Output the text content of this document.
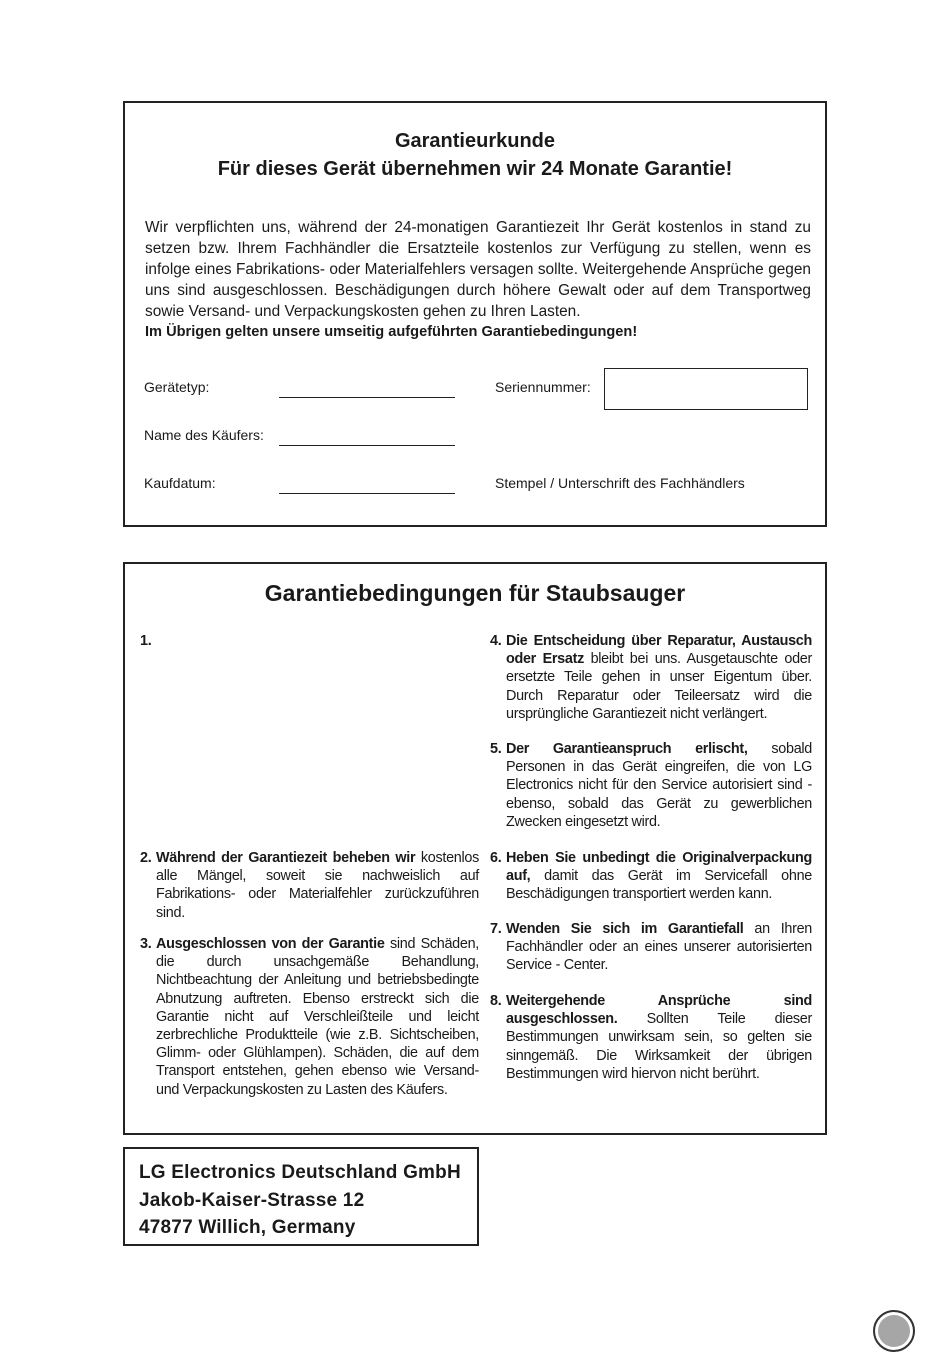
Garantieurkunde
Für dieses Gerät übernehmen wir 24 Monate Garantie!

Wir verpflichten uns, während der 24-monatigen Garantiezeit Ihr Gerät kostenlos in stand zu setzen bzw. Ihrem Fachhändler die Ersatzteile kostenlos zur Verfügung zu stellen, wenn es infolge eines Fabrikations- oder Materialfehlers versagen sollte. Weitergehende Ansprüche gegen uns sind ausgeschlossen. Beschädigungen durch höhere Gewalt oder auf dem Transportweg sowie Versand- und Verpackungskosten gehen zu Ihren Lasten.

Im Übrigen gelten unsere umseitig aufgeführten Garantiebedingungen!

Gerätetyp:
Name des Käufers:
Kaufdatum:
Seriennummer:
Stempel / Unterschrift des Fachhändlers
Garantiebedingungen für Staubsauger
1.
2. Während der Garantiezeit beheben wir kostenlos alle Mängel, soweit sie nachweislich auf Fabrikations- oder Materialfehler zurückzuführen sind.
3. Ausgeschlossen von der Garantie sind Schäden, die durch unsachgemäße Behandlung, Nichtbeachtung der Anleitung und betriebsbedingte Abnutzung auftreten. Ebenso erstreckt sich die Garantie nicht auf Verschleißteile und leicht zerbrechliche Produktteile (wie z.B. Sichtscheiben, Glimm- oder Glühlampen). Schäden, die auf dem Transport entstehen, gehen ebenso wie Versand- und Verpackungskosten zu Lasten des Käufers.
4. Die Entscheidung über Reparatur, Austausch oder Ersatz bleibt bei uns. Ausgetauschte oder ersetzte Teile gehen in unser Eigentum über. Durch Reparatur oder Teileersatz wird die ursprüngliche Garantiezeit nicht verlängert.
5. Der Garantieanspruch erlischt, sobald Personen in das Gerät eingreifen, die von LG Electronics nicht für den Service autorisiert sind - ebenso, sobald das Gerät zu gewerblichen Zwecken eingesetzt wird.
6. Heben Sie unbedingt die Originalverpackung auf, damit das Gerät im Servicefall ohne Beschädigungen transportiert werden kann.
7. Wenden Sie sich im Garantiefall an Ihren Fachhändler oder an eines unserer autorisierten Service - Center.
8. Weitergehende Ansprüche sind ausgeschlossen. Sollten Teile dieser Bestimmungen unwirksam sein, so gelten sie sinngemäß. Die Wirksamkeit der übrigen Bestimmungen wird hiervon nicht berührt.
LG Electronics Deutschland GmbH
Jakob-Kaiser-Strasse 12
47877 Willich, Germany
